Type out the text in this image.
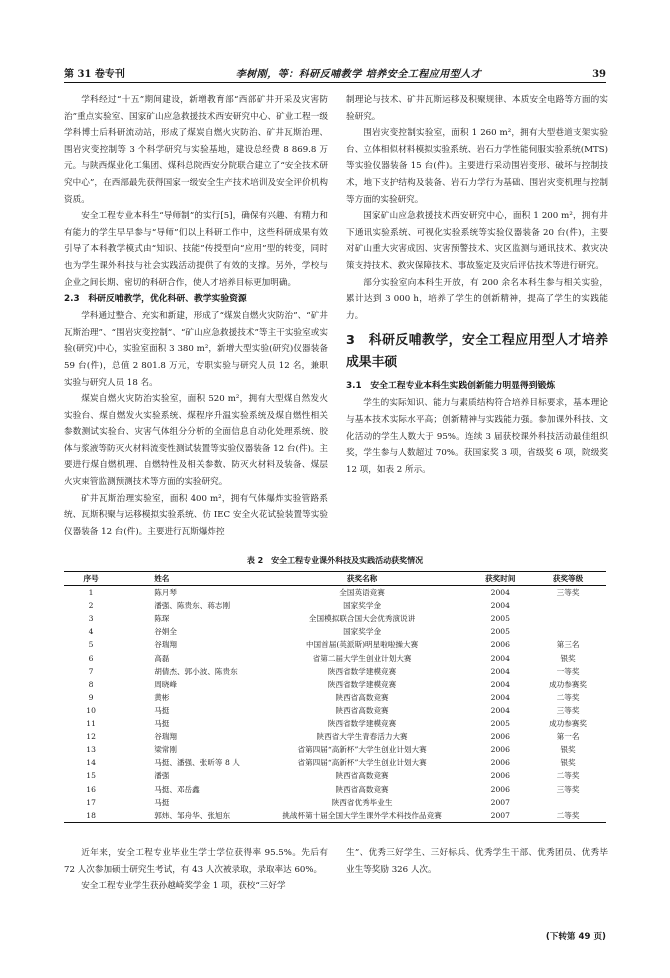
第 31 卷专刊	李树刚，等：科研反哺教学 培养安全工程应用型人才	39

学科经过“十五”期间建设，新增教育部“西部矿井开采及灾害防治”重点实验室、国家矿山应急救援技术西安研究中心、矿业工程一级学科博士后科研流动站，形成了煤炭自燃火灾防治、矿井瓦斯治理、围岩灾变控制等 3 个科学研究与实验基地，建设总经费 8 869.8 万元。与陕西煤业化工集团、煤科总院西安分院联合建立了“安全技术研究中心”，在西部最先获得国家一级安全生产技术培训及安全评价机构资质。

安全工程专业本科生“导师制”的实行[5]，确保有兴趣、有精力和有能力的学生早早参与“导师”们以上科研工作中，这些科研成果有效引导了本科教学模式由“知识、技能”传授型向“应用”型的转变，同时也为学生课外科技与社会实践活动提供了有效的支撑。另外，学校与企业之间长期、密切的科研合作，使人才培养目标更加明确。

2.3　科研反哺教学，优化科研、教学实验资源

学科通过整合、充实和新建，形成了“煤炭自燃火灾防治”、“矿井瓦斯治理”、“围岩灾变控制”、“矿山应急救援技术”等主干实验室或实验(研究)中心，实验室面积 3 380 m²，新增大型实验(研究)仪器装备 59 台(件)，总值 2 801.8 万元，专职实验与研究人员 12 名，兼职实验与研究人员 18 名。

煤炭自燃火灾防治实验室，面积 520 m²，拥有大型煤自然发火实验台、煤自燃发火实验系统、煤程序升温实验系统及煤自燃性相关参数测试实验台、灾害气体组分分析的全面信息自动化处理系统、胶体与浆液等防灭火材料流变性测试装置等实验仪器装备 12 台(件)。主要进行煤自燃机理、自燃特性及相关参数、防灭火材料及装备、煤层火灾束管监测预测技术等方面的实验研究。

矿井瓦斯治理实验室，面积 400 m²，拥有气体爆炸实验管路系统、瓦斯积聚与运移模拟实验系统、仿 IEC 安全火花试验装置等实验仪器装备 12 台(件)。主要进行瓦斯爆炸控

制理论与技术、矿井瓦斯运移及积聚规律、本质安全电路等方面的实验研究。

围岩灾变控制实验室，面积 1 260 m²，拥有大型巷道支架实验台、立体相似材料模拟实验系统、岩石力学性能伺服实验系统(MTS)等实验仪器装备 15 台(件)。主要进行采动围岩变形、破坏与控制技术，地下支护结构及装备、岩石力学行为基础、围岩灾变机理与控制等方面的实验研究。

国家矿山应急救援技术西安研究中心，面积 1 200 m²，拥有井下通讯实验系统、可视化实验系统等实验仪器装备 20 台(件)，主要对矿山重大灾害成因、灾害预警技术、灾区监测与通讯技术、救灾决策支持技术、救灾保障技术、事故鉴定及灾后评估技术等进行研究。

部分实验室向本科生开放，有 200 余名本科生参与相关实验，累计达到 3 000 h，培养了学生的创新精神，提高了学生的实践能力。

3　科研反哺教学，安全工程应用型人才培养成果丰硕
3.1　安全工程专业本科生实践创新能力明显得到锻炼

学生的实际知识、能力与素质结构符合培养目标要求，基本理论与基本技术实际水平高；创新精神与实践能力强。参加课外科技、文化活动的学生人数大于 95%。连续 3 届获校课外科技活动最佳组织奖，学生参与人数超过 70%。获国家奖 3 项，省级奖 6 项，院级奖 12 项，如表 2 所示。

表 2　安全工程专业课外科技及实践活动获奖情况
序号	姓名	获奖名称	获奖时间	获奖等级
1	陈月琴	全国英语竞赛	2004	三等奖
2	潘强、陈贵东、蒋志刚	国家奖学金	2004	
3	陈琛	全国模拟联合国大会优秀演说讲	2005	
4	谷娟全	国家奖学金	2005	
5	谷瑞翔	中国首届(英派斯)明星啦啦操大赛	2006	第三名
6	高磊	省第二届大学生创业计划大赛	2004	银奖
7	胡倩杰、郭小波、陈贵东	陕西省数学建模竞赛	2004	一等奖
8	周晓峰	陕西省数学建模竞赛	2004	成功参赛奖
9	黄彬	陕西省高数竞赛	2004	二等奖
10	马挺	陕西省高数竞赛	2004	三等奖
11	马挺	陕西省数学建模竞赛	2005	成功参赛奖
12	谷瑞翔	陕西省大学生青春活力大赛	2006	第一名
13	梁常刚	省第四届“高新杯”大学生创业计划大赛	2006	银奖
14	马挺、潘强、张昕等 8 人	省第四届“高新杯”大学生创业计划大赛	2006	银奖
15	潘强	陕西省高数竞赛	2006	二等奖
16	马挺、邓岳鑫	陕西省高数竞赛	2006	三等奖
17	马挺	陕西省优秀毕业生	2007	
18	郭炜、邹舟华、张旭东	挑战杯第十届全国大学生课外学术科技作品竞赛	2007	二等奖

近年来，安全工程专业毕业生学士学位获得率 95.5%。先后有 72 人次参加硕士研究生考试，有 43 人次被录取，录取率达 60%。

安全工程专业学生获孙越崎奖学金 1 项，获校“三好学

生”、优秀三好学生、三好标兵、优秀学生干部、优秀团员、优秀毕业生等奖励 326 人次。

(下转第 49 页)
